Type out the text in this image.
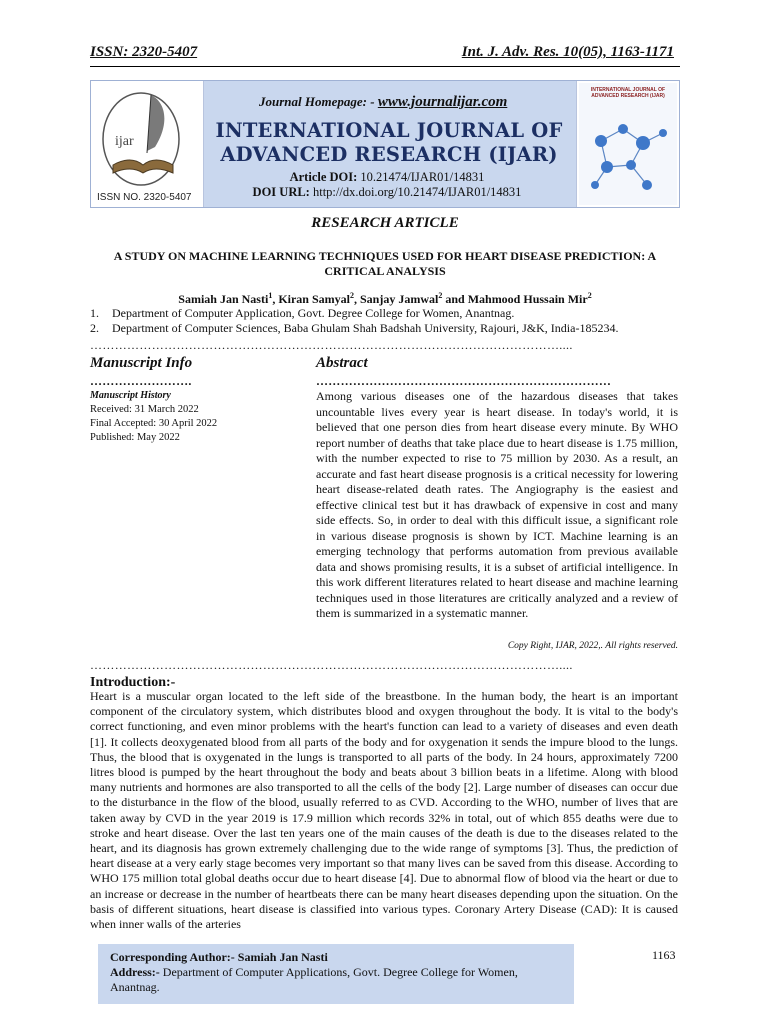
ISSN: 2320-5407	Int. J. Adv. Res. 10(05), 1163-1171
ijar
ISSN NO. 2320-5407
Journal Homepage: - www.journalijar.com
INTERNATIONAL JOURNAL OF
ADVANCED RESEARCH (IJAR)
Article DOI: 10.21474/IJAR01/14831
DOI URL: http://dx.doi.org/10.21474/IJAR01/14831
INTERNATIONAL JOURNAL OF ADVANCED RESEARCH (IJAR)
RESEARCH ARTICLE
A STUDY ON MACHINE LEARNING TECHNIQUES USED FOR HEART DISEASE PREDICTION: A CRITICAL ANALYSIS
Samiah Jan Nasti$^1$, Kiran Samyal$^2$, Sanjay Jamwal$^2$ and Mahmood Hussain Mir$^2$
1. Department of Computer Application, Govt. Degree College for Women, Anantnag.
2. Department of Computer Sciences, Baba Ghulam Shah Badshah University, Rajouri, J&K, India-185234.
……………………………………………………………………………………………………....
Manuscript Info
…………………….
Manuscript History
Received: 31 March 2022
Final Accepted: 30 April 2022
Published: May 2022
Abstract
………………………………………………………………
Among various diseases one of the hazardous diseases that takes uncountable lives every year is heart disease. In today's world, it is believed that one person dies from heart disease every minute. By WHO report number of deaths that take place due to heart disease is 1.75 million, with the number expected to rise to 75 million by 2030. As a result, an accurate and fast heart disease prognosis is a critical necessity for lowering heart disease-related death rates. The Angiography is the easiest and effective clinical test but it has drawback of expensive in cost and many side effects. So, in order to deal with this difficult issue, a significant role in various disease prognosis is shown by ICT. Machine learning is an emerging technology that performs automation from previous available data and shows promising results, it is a subset of artificial intelligence. In this work different literatures related to heart disease and machine learning techniques used in those literatures are critically analyzed and a review of them is summarized in a systematic manner.
Copy Right, IJAR, 2022,. All rights reserved.
……………………………………………………………………………………………………....
Introduction:-
Heart is a muscular organ located to the left side of the breastbone. In the human body, the heart is an important component of the circulatory system, which distributes blood and oxygen throughout the body. It is vital to the body's correct functioning, and even minor problems with the heart's function can lead to a variety of diseases and even death [1]. It collects deoxygenated blood from all parts of the body and for oxygenation it sends the impure blood to the lungs. Thus, the blood that is oxygenated in the lungs is transported to all parts of the body. In 24 hours, approximately 7200 litres blood is pumped by the heart throughout the body and beats about 3 billion beats in a lifetime. Along with blood many nutrients and hormones are also transported to all the cells of the body [2]. Large number of diseases can occur due to the disturbance in the flow of the blood, usually referred to as CVD. According to the WHO, number of lives that are taken away by CVD in the year 2019 is 17.9 million which records 32% in total, out of which 855 deaths were due to stroke and heart disease. Over the last ten years one of the main causes of the death is due to the diseases related to the heart, and its diagnosis has grown extremely challenging due to the wide range of symptoms [3]. Thus, the prediction of heart disease at a very early stage becomes very important so that many lives can be saved from this disease. According to WHO 175 million total global deaths occur due to heart disease [4]. Due to abnormal flow of blood via the heart or due to an increase or decrease in the number of heartbeats there can be many heart diseases depending upon the situation. On the basis of different situations, heart disease is classified into various types. Coronary Artery Disease (CAD): It is caused when inner walls of the arteries
Corresponding Author:- Samiah Jan Nasti
Address:- Department of Computer Applications, Govt. Degree College for Women, Anantnag.
1163
